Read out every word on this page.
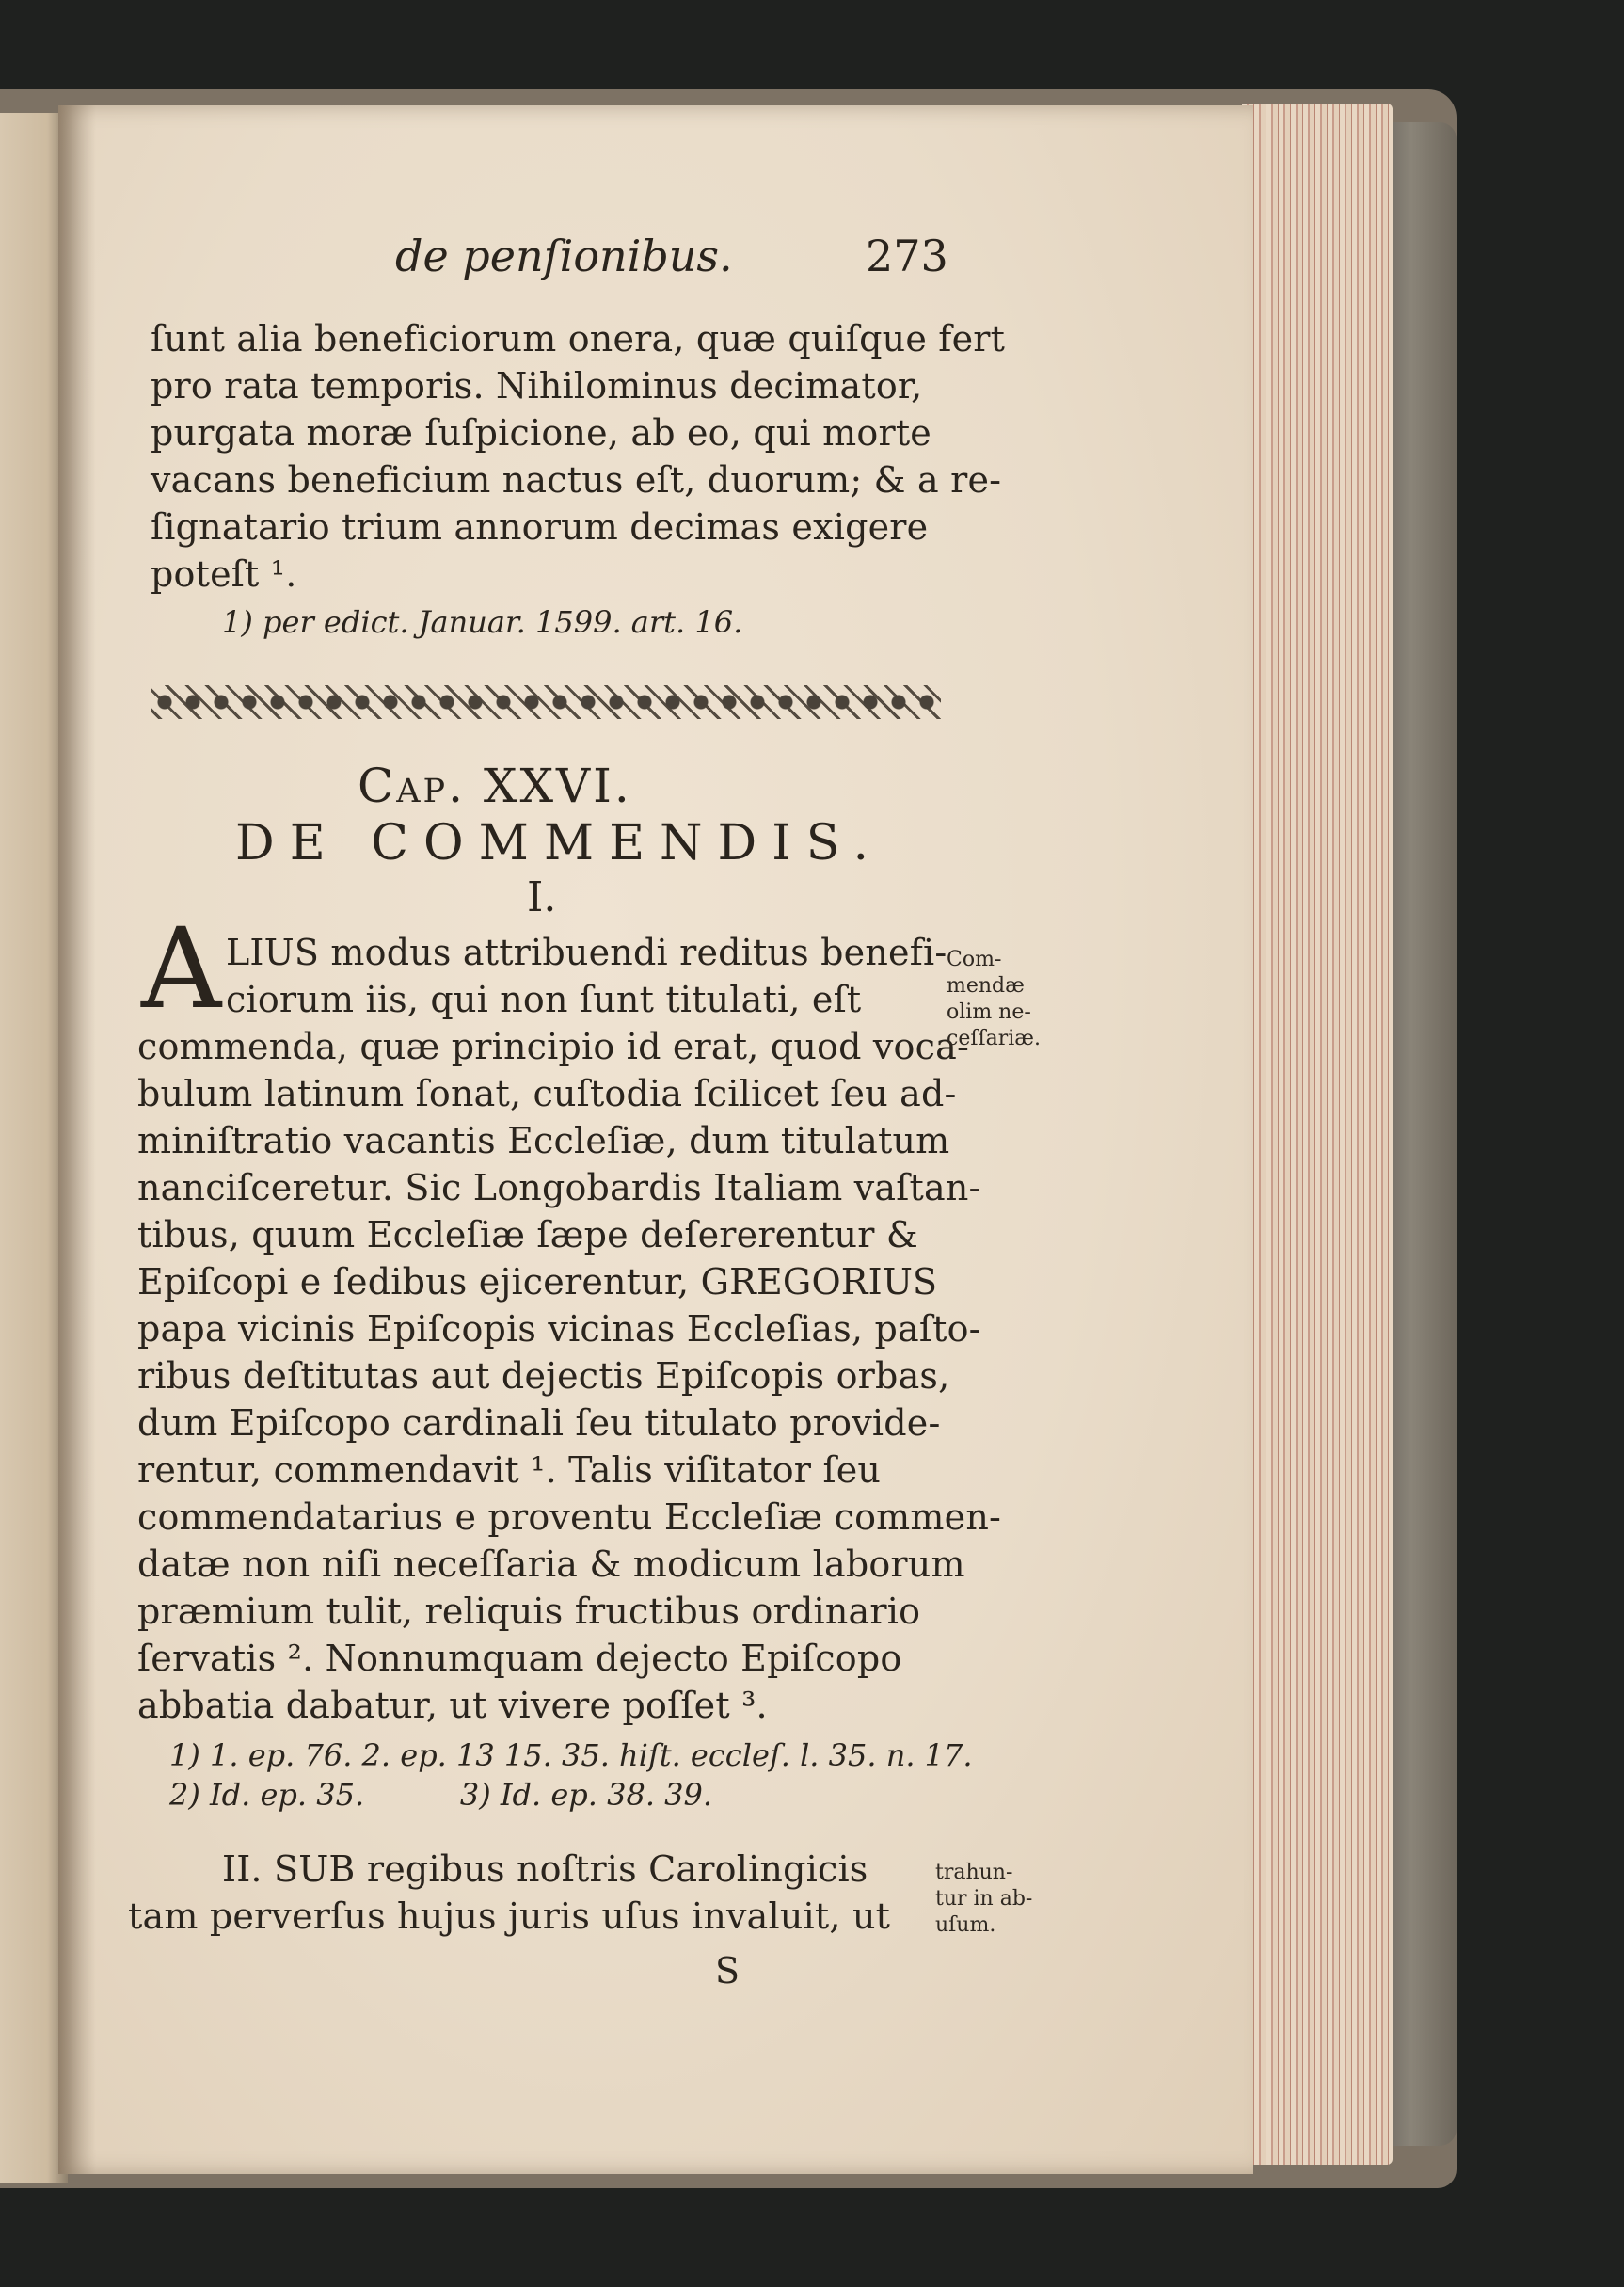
de penſionibus.	273
ſunt alia beneficiorum onera, quæ quiſque fert
pro rata temporis. Nihilominus decimator,
purgata moræ ſuſpicione, ab eo, qui morte
vacans beneficium nactus eſt, duorum; & a re-
ſignatario trium annorum decimas exigere
poteſt ¹.
1) per edict. Januar. 1599. art. 16.
Cap. XXVI.
DE COMMENDIS.
I.
A LIUS modus attribuendi reditus benefi-
ciorum iis, qui non ſunt titulati, eſt
commenda, quæ principio id erat, quod voca-
bulum latinum ſonat, cuſtodia ſcilicet ſeu ad-
miniſtratio vacantis Eccleſiæ, dum titulatum
nanciſceretur. Sic Longobardis Italiam vaſtan-
tibus, quum Eccleſiæ ſæpe deſererentur &
Epiſcopi e ſedibus ejicerentur, GREGORIUS
papa vicinis Epiſcopis vicinas Eccleſias, paſto-
ribus deſtitutas aut dejectis Epiſcopis orbas,
dum Epiſcopo cardinali ſeu titulato provide-
rentur, commendavit ¹. Talis viſitator ſeu
commendatarius e proventu Eccleſiæ commen-
datæ non niſi neceſſaria & modicum laborum
præmium tulit, reliquis fructibus ordinario
ſervatis ². Nonnumquam dejecto Epiſcopo
abbatia dabatur, ut vivere poſſet ³.
1) 1. ep. 76. 2. ep. 13 15. 35. hiſt. eccleſ. l. 35. n. 17.
2) Id. ep. 35.          3) Id. ep. 38. 39.
Com-
mendæ
olim ne-
ceſſariæ.
II. SUB regibus noſtris Carolingicis
tam perverſus hujus juris uſus invaluit, ut
trahun-
tur in ab-
uſum.
S
